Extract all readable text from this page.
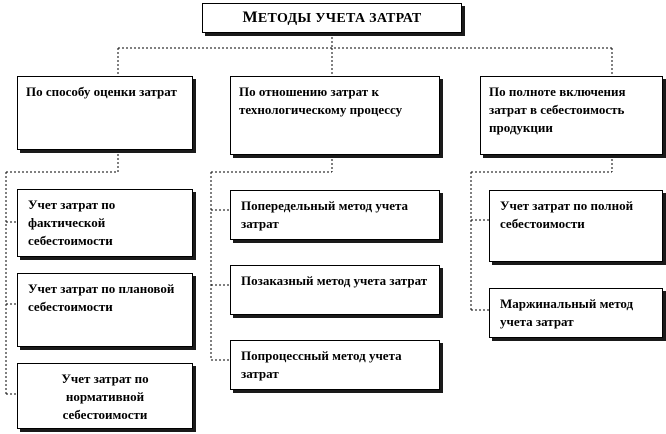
МЕТОДЫ УЧЕТА ЗАТРАТ
По способу оценки затрат	По отношению затрат к технологическому процессу
По полноте включения затрат в себестоимость продукции
Учет затрат по фактической себестоимости
Учет затрат по плановой себестоимости
Учет затрат по нормативной себестоимости
Попередельный метод учета затрат
Позаказный метод учета затрат
Попроцессный метод учета затрат
Учет затрат по полной себестоимости
Маржинальный метод учета затрат
